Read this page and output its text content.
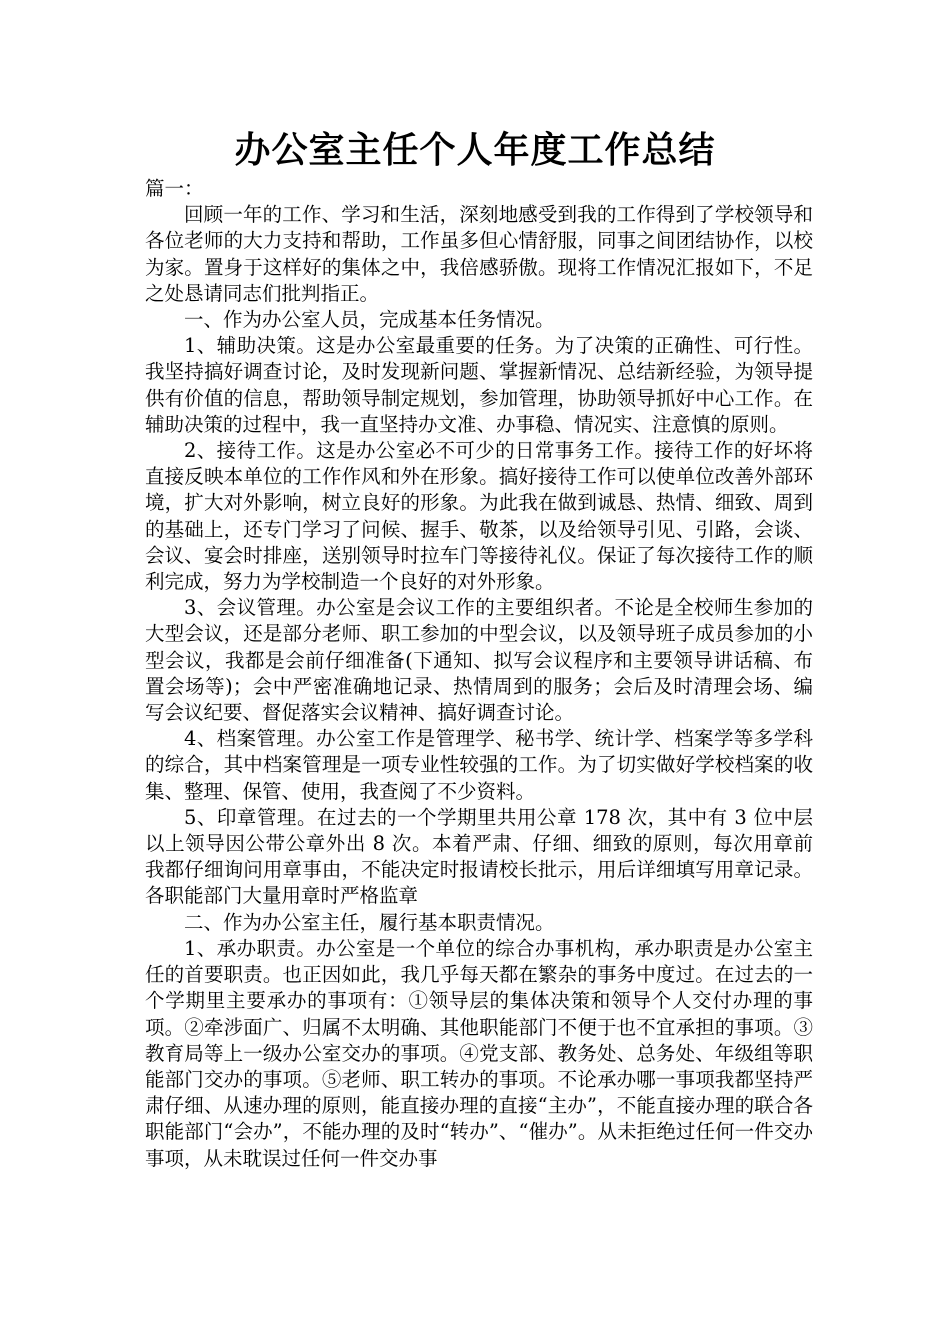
办公室主任个人年度工作总结

篇一：

回顾一年的工作、学习和生活，深刻地感受到我的工作得到了学校领导和各位老师的大力支持和帮助，工作虽多但心情舒服，同事之间团结协作，以校为家。置身于这样好的集体之中，我倍感骄傲。现将工作情况汇报如下，不足之处恳请同志们批判指正。

一、作为办公室人员，完成基本任务情况。

1、辅助决策。这是办公室最重要的任务。为了决策的正确性、可行性。我坚持搞好调查讨论，及时发现新问题、掌握新情况、总结新经验，为领导提供有价值的信息，帮助领导制定规划，参加管理，协助领导抓好中心工作。在辅助决策的过程中，我一直坚持办文准、办事稳、情况实、注意慎的原则。

2、接待工作。这是办公室必不可少的日常事务工作。接待工作的好坏将直接反映本单位的工作作风和外在形象。搞好接待工作可以使单位改善外部环境，扩大对外影响，树立良好的形象。为此我在做到诚恳、热情、细致、周到的基础上，还专门学习了问候、握手、敬茶，以及给领导引见、引路，会谈、会议、宴会时排座，送别领导时拉车门等接待礼仪。保证了每次接待工作的顺利完成，努力为学校制造一个良好的对外形象。

3、会议管理。办公室是会议工作的主要组织者。不论是全校师生参加的大型会议，还是部分老师、职工参加的中型会议，以及领导班子成员参加的小型会议，我都是会前仔细准备(下通知、拟写会议程序和主要领导讲话稿、布置会场等)；会中严密准确地记录、热情周到的服务；会后及时清理会场、编写会议纪要、督促落实会议精神、搞好调查讨论。

4、档案管理。办公室工作是管理学、秘书学、统计学、档案学等多学科的综合，其中档案管理是一项专业性较强的工作。为了切实做好学校档案的收集、整理、保管、使用，我查阅了不少资料。

5、印章管理。在过去的一个学期里共用公章 178 次，其中有 3 位中层以上领导因公带公章外出 8 次。本着严肃、仔细、细致的原则，每次用章前我都仔细询问用章事由，不能决定时报请校长批示，用后详细填写用章记录。各职能部门大量用章时严格监章

二、作为办公室主任，履行基本职责情况。

1、承办职责。办公室是一个单位的综合办事机构，承办职责是办公室主任的首要职责。也正因如此，我几乎每天都在繁杂的事务中度过。在过去的一个学期里主要承办的事项有：①领导层的集体决策和领导个人交付办理的事项。②牵涉面广、归属不太明确、其他职能部门不便于也不宜承担的事项。③教育局等上一级办公室交办的事项。④党支部、教务处、总务处、年级组等职能部门交办的事项。⑤老师、职工转办的事项。不论承办哪一事项我都坚持严肃仔细、从速办理的原则，能直接办理的直接“主办”，不能直接办理的联合各职能部门“会办”，不能办理的及时“转办”、“催办”。从未拒绝过任何一件交办事项，从未耽误过任何一件交办事
